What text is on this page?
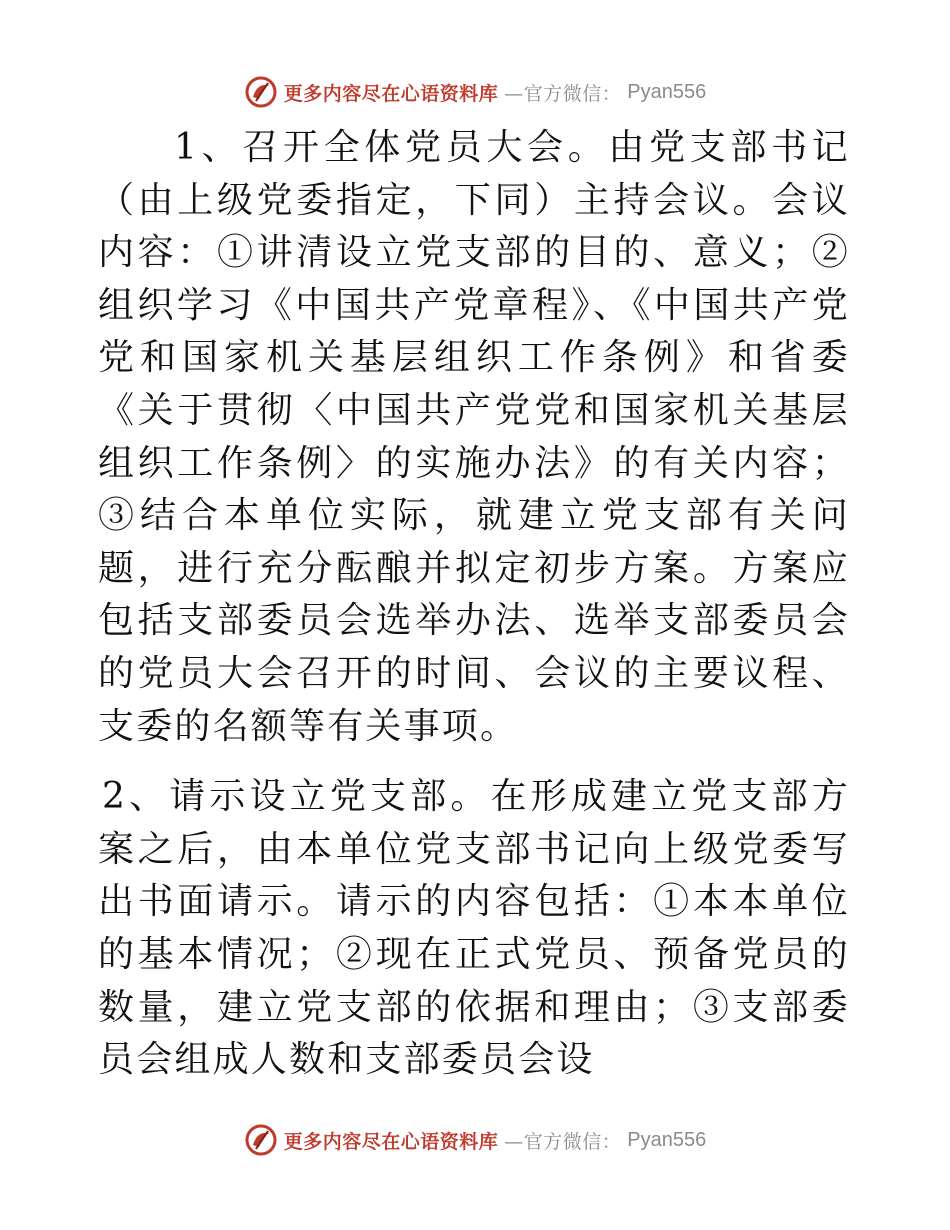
更多内容尽在心语资料库 —官方微信： Pyan556

1、召开全体党员大会。由党支部书记（由上级党委指定，下同）主持会议。会议内容：①讲清设立党支部的目的、意义；②组织学习《中国共产党章程》、《中国共产党党和国家机关基层组织工作条例》和省委《关于贯彻〈中国共产党党和国家机关基层组织工作条例〉的实施办法》的有关内容；③结合本单位实际，就建立党支部有关问题，进行充分酝酿并拟定初步方案。方案应包括支部委员会选举办法、选举支部委员会的党员大会召开的时间、会议的主要议程、支委的名额等有关事项。

2、请示设立党支部。在形成建立党支部方案之后，由本单位党支部书记向上级党委写出书面请示。请示的内容包括：①本本单位的基本情况；②现在正式党员、预备党员的数量，建立党支部的依据和理由；③支部委员会组成人数和支部委员会设

更多内容尽在心语资料库 —官方微信： Pyan556
